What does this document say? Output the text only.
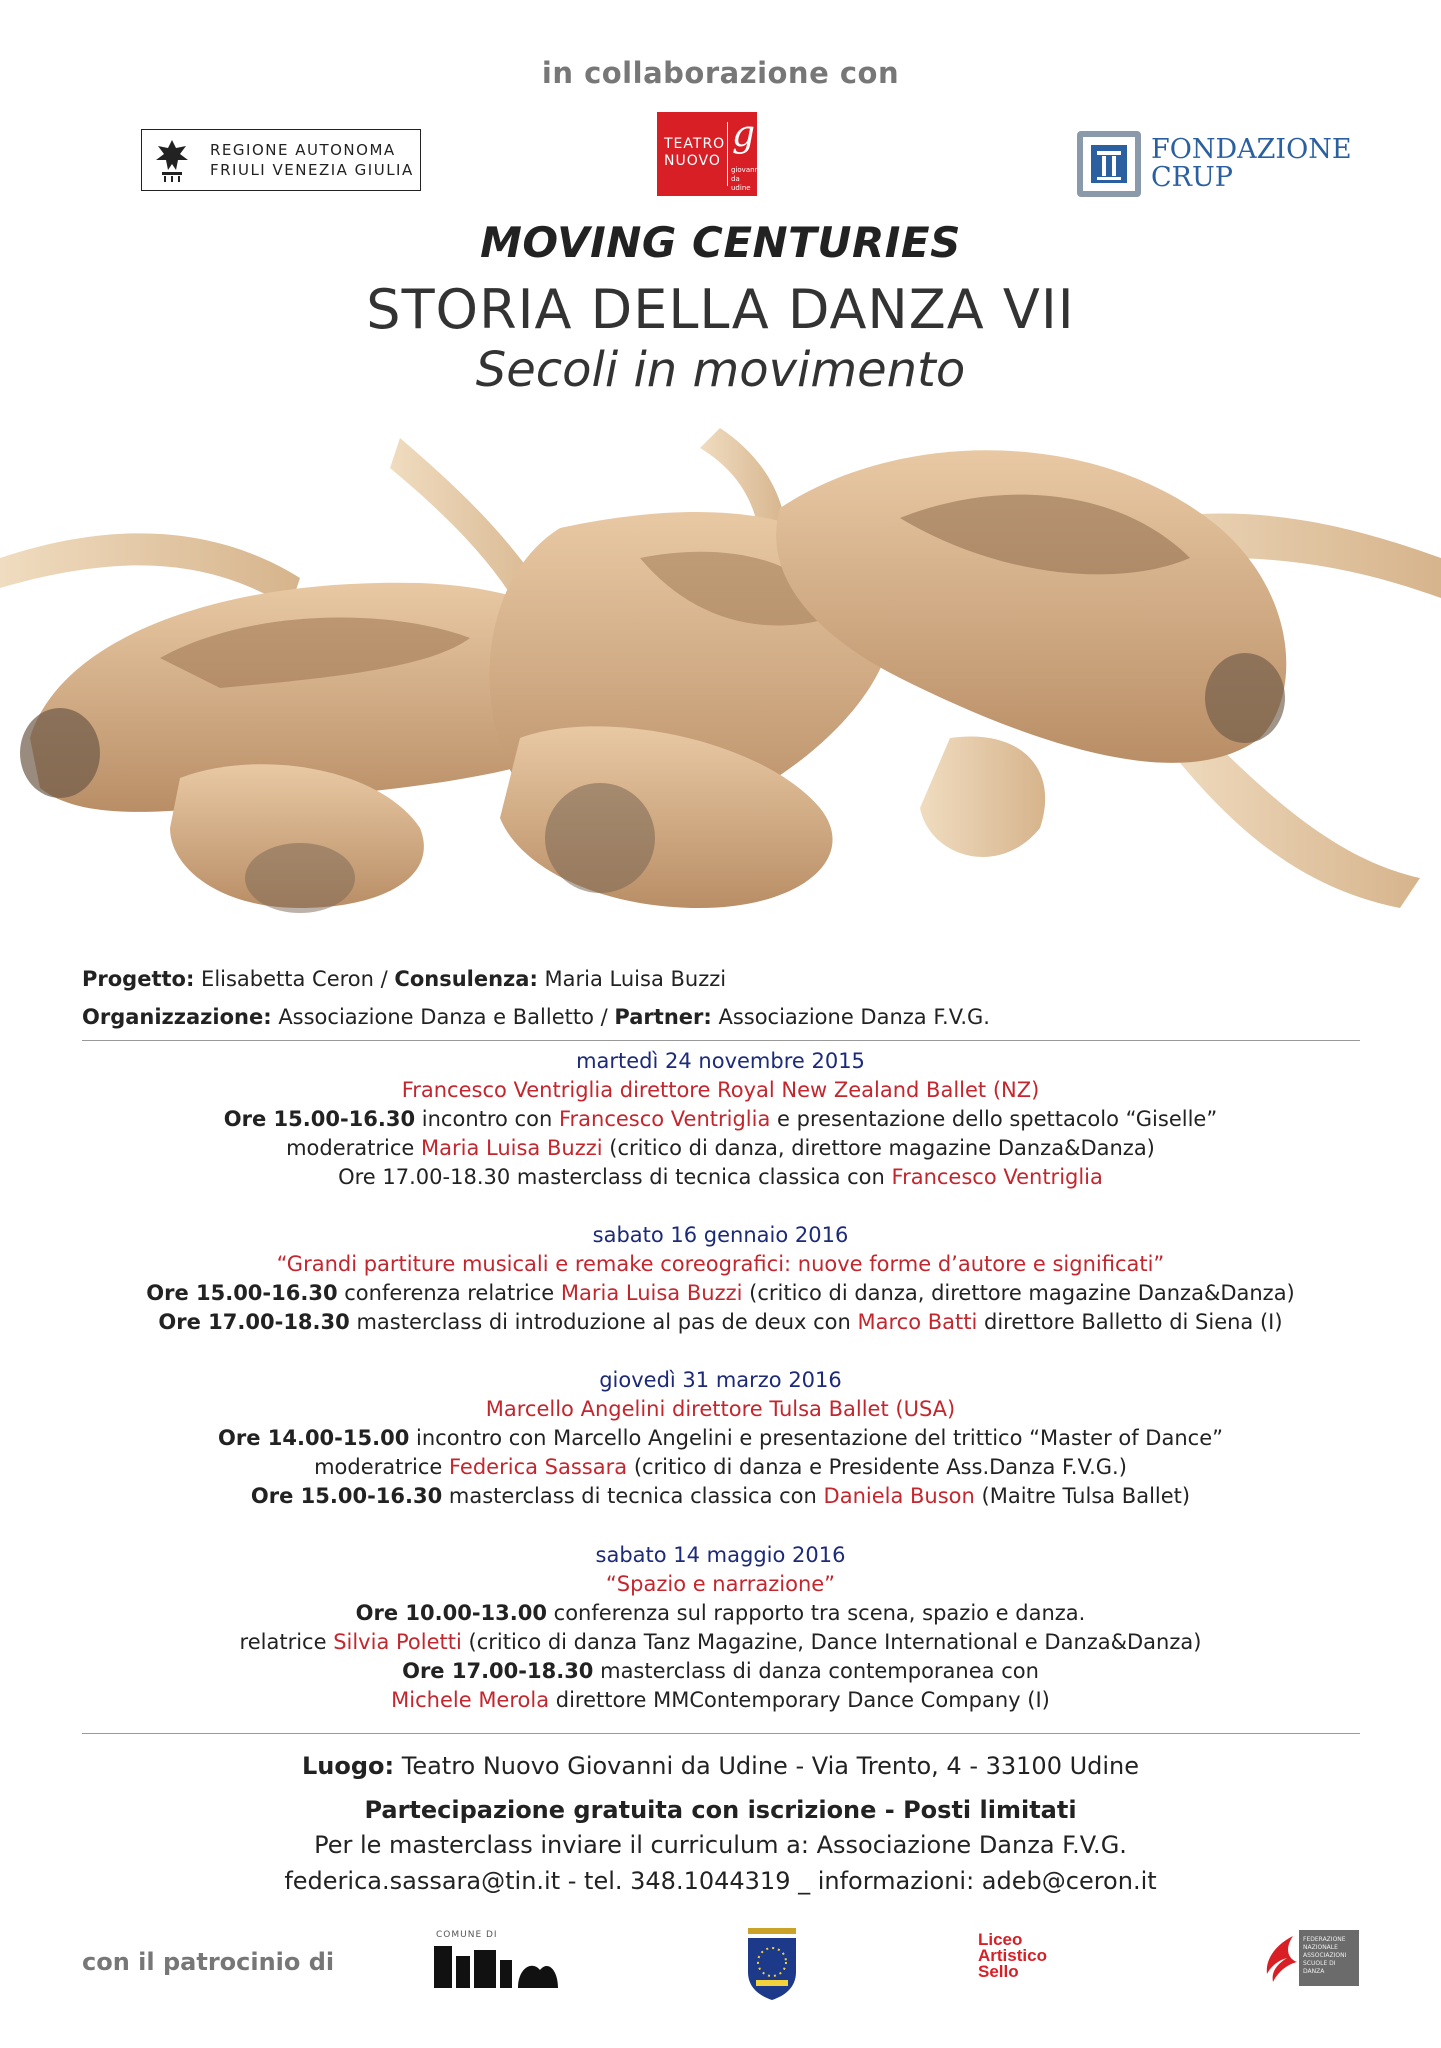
in collaborazione con
REGIONE AUTONOMA
FRIULI VENEZIA GIULIA
TEATRO
NUOVO
g
giovanni
da udine
FONDAZIONE
CRUP
MOVING CENTURIES
STORIA DELLA DANZA VII
Secoli in movimento
Progetto: Elisabetta Ceron / Consulenza: Maria Luisa Buzzi
Organizzazione: Associazione Danza e Balletto / Partner: Associazione Danza F.V.G.
martedì 24 novembre 2015
Francesco Ventriglia direttore Royal New Zealand Ballet (NZ)
Ore 15.00-16.30 incontro con Francesco Ventriglia e presentazione dello spettacolo “Giselle”
moderatrice Maria Luisa Buzzi (critico di danza, direttore magazine Danza&Danza)
Ore 17.00-18.30 masterclass di tecnica classica con Francesco Ventriglia
sabato 16 gennaio 2016
“Grandi partiture musicali e remake coreografici: nuove forme d’autore e significati”
Ore 15.00-16.30 conferenza relatrice Maria Luisa Buzzi (critico di danza, direttore magazine Danza&Danza)
Ore 17.00-18.30 masterclass di introduzione al pas de deux con Marco Batti direttore Balletto di Siena (I)
giovedì 31 marzo 2016
Marcello Angelini direttore Tulsa Ballet (USA)
Ore 14.00-15.00 incontro con Marcello Angelini e presentazione del trittico “Master of Dance”
moderatrice Federica Sassara (critico di danza e Presidente Ass.Danza F.V.G.)
Ore 15.00-16.30 masterclass di tecnica classica con Daniela Buson (Maitre Tulsa Ballet)
sabato 14 maggio 2016
“Spazio e narrazione”
Ore 10.00-13.00 conferenza sul rapporto tra scena, spazio e danza.
relatrice Silvia Poletti (critico di danza Tanz Magazine, Dance International e Danza&Danza)
Ore 17.00-18.30 masterclass di danza contemporanea con
Michele Merola direttore MMContemporary Dance Company (I)
Luogo: Teatro Nuovo Giovanni da Udine - Via Trento, 4 - 33100 Udine
Partecipazione gratuita con iscrizione - Posti limitati
Per le masterclass inviare il curriculum a: Associazione Danza F.V.G.
federica.sassara@tin.it - tel. 348.1044319 _ informazioni: adeb@ceron.it
con il patrocinio di
COMUNE DI	Liceo
Artistico
Sello
FEDERAZIONE NAZIONALE ASSOCIAZIONI SCUOLE DI DANZA
